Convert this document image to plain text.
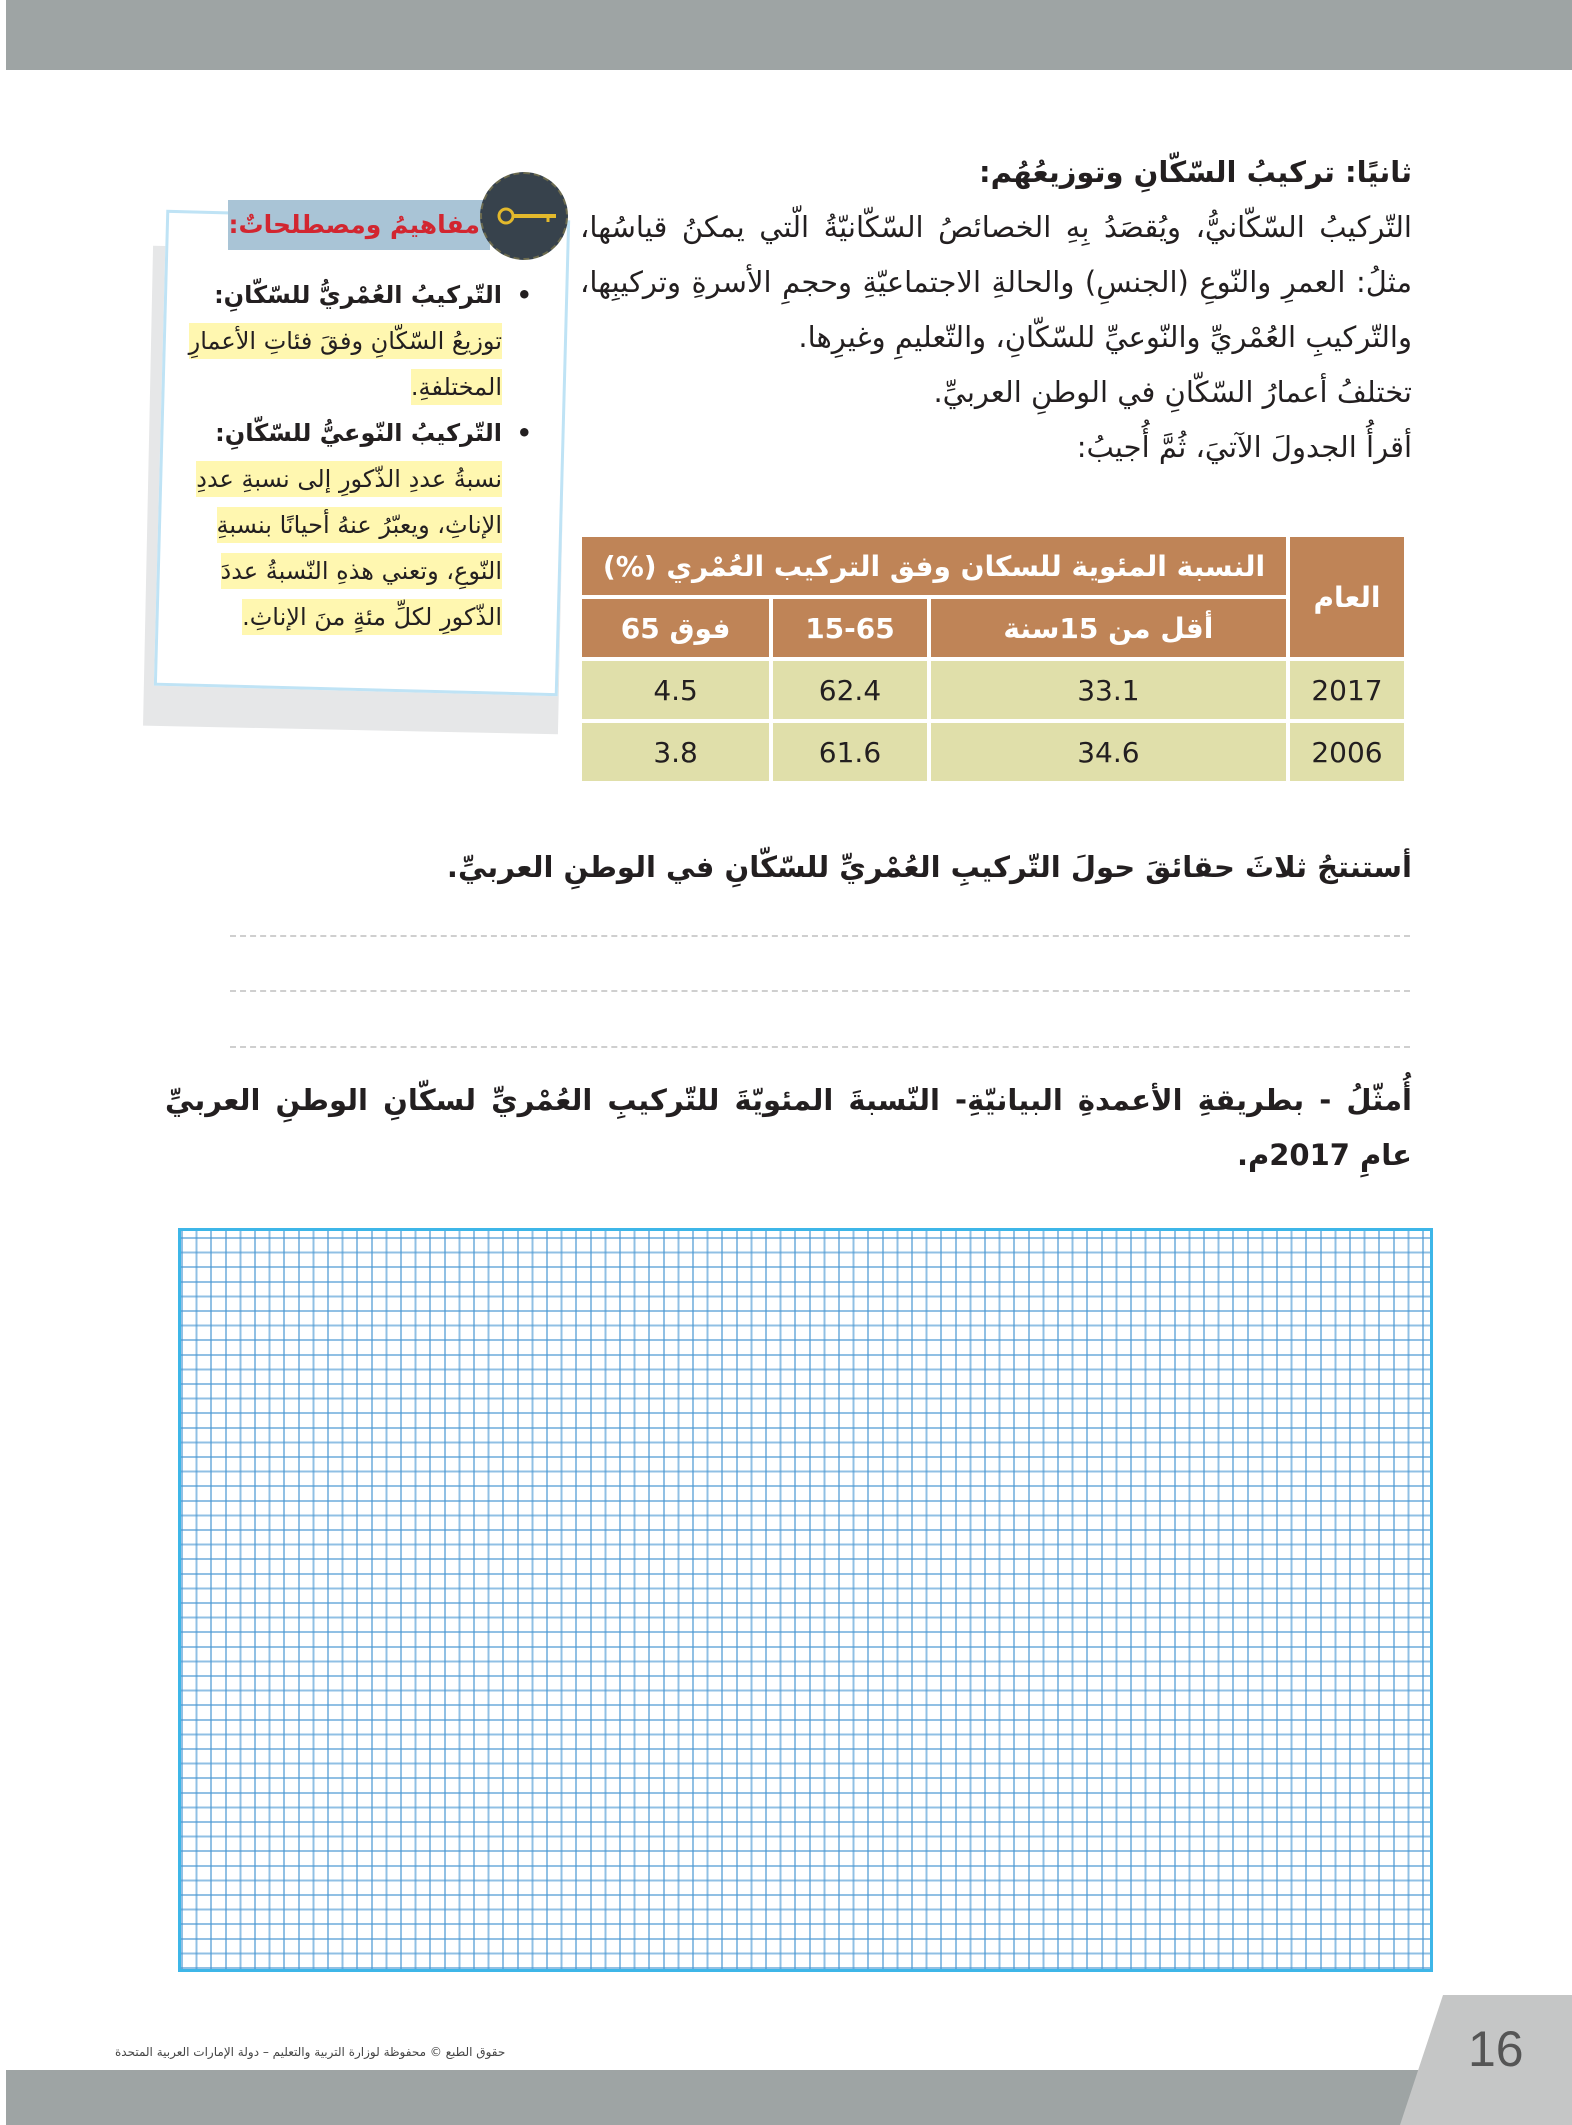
ثانيًا: تركيبُ السّكّانِ وتوزيعُهُم:

التّركيبُ السّكّانيُّ، ويُقصَدُ بِهِ الخصائصُ السّكّانيّةُ الّتي يمكنُ قياسُها، مثلُ: العمرِ والنّوعِ (الجنسِ) والحالةِ الاجتماعيّةِ وحجمِ الأسرةِ وتركيبِها، والتّركيبِ العُمْريِّ والنّوعيِّ للسّكّانِ، والتّعليمِ وغيرِها.

تختلفُ أعمارُ السّكّانِ في الوطنِ العربيِّ.

أقرأُ الجدولَ الآتيَ، ثُمَّ أُجيبُ:

مفاهيمُ ومصطلحاتٌ:
• التّركيبُ العُمْريُّ للسّكّانِ:
توزيعُ السّكّانِ وفقَ فئاتِ الأعمارِ المختلفةِ.
• التّركيبُ النّوعيُّ للسّكّانِ:
نسبةُ عددِ الذّكورِ إلى نسبةِ عددِ الإناثِ، ويعبّرُ عنهُ أحيانًا بنسبةِ النّوعِ، وتعني هذهِ النّسبةُ عددَ الذّكورِ لكلِّ مئةٍ منَ الإناثِ.
العام	النسبة المئوية للسكان وفق التركيب العُمْري (%)		
	أقل من 15سنة	15-65	فوق 65
2017	33.1	62.4	4.5
2006	34.6	61.6	3.8
أستنتجُ ثلاثَ حقائقَ حولَ التّركيبِ العُمْريِّ للسّكّانِ في الوطنِ العربيِّ.
أُمثّلُ - بطريقةِ الأعمدةِ البيانيّةِ- النّسبةَ المئويّةَ للتّركيبِ العُمْريِّ لسكّانِ الوطنِ العربيِّ عامِ 2017م.
حقوق الطبع © محفوظة لوزارة التربية والتعليم – دولة الإمارات العربية المتحدة	16
